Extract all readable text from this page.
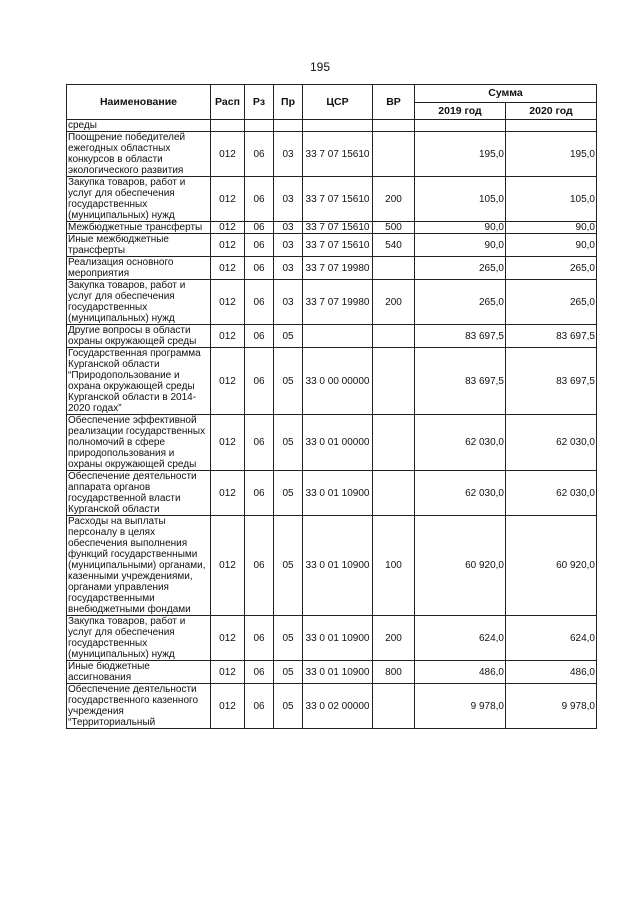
195
Наименование	Расп	Рз	Пр	ЦСР	ВР	Сумма	
						2019 год	2020 год
среды							
Поощрение победителей ежегодных областных конкурсов в области экологического развития	012	06	03	33 7 07 15610		195,0	195,0
Закупка товаров, работ и услуг для обеспечения государственных (муниципальных) нужд	012	06	03	33 7 07 15610	200	105,0	105,0
Межбюджетные трансферты	012	06	03	33 7 07 15610	500	90,0	90,0
Иные межбюджетные трансферты	012	06	03	33 7 07 15610	540	90,0	90,0
Реализация основного мероприятия	012	06	03	33 7 07 19980		265,0	265,0
Закупка товаров, работ и услуг для обеспечения государственных (муниципальных) нужд	012	06	03	33 7 07 19980	200	265,0	265,0
Другие вопросы в области охраны окружающей среды	012	06	05			83 697,5	83 697,5
Государственная программа Курганской области “Природопользование и охрана окружающей среды Курганской области в 2014-2020 годах”	012	06	05	33 0 00 00000		83 697,5	83 697,5
Обеспечение эффективной реализации государственных полномочий в сфере природопользования и охраны окружающей среды	012	06	05	33 0 01 00000		62 030,0	62 030,0
Обеспечение деятельности аппарата органов государственной власти Курганской области	012	06	05	33 0 01 10900		62 030,0	62 030,0
Расходы на выплаты персоналу в целях обеспечения выполнения функций государственными (муниципальными) органами, казенными учреждениями, органами управления государственными внебюджетными фондами	012	06	05	33 0 01 10900	100	60 920,0	60 920,0
Закупка товаров, работ и услуг для обеспечения государственных (муниципальных) нужд	012	06	05	33 0 01 10900	200	624,0	624,0
Иные бюджетные ассигнования	012	06	05	33 0 01 10900	800	486,0	486,0
Обеспечение деятельности государственного казенного учреждения “Территориальный	012	06	05	33 0 02 00000		9 978,0	9 978,0
